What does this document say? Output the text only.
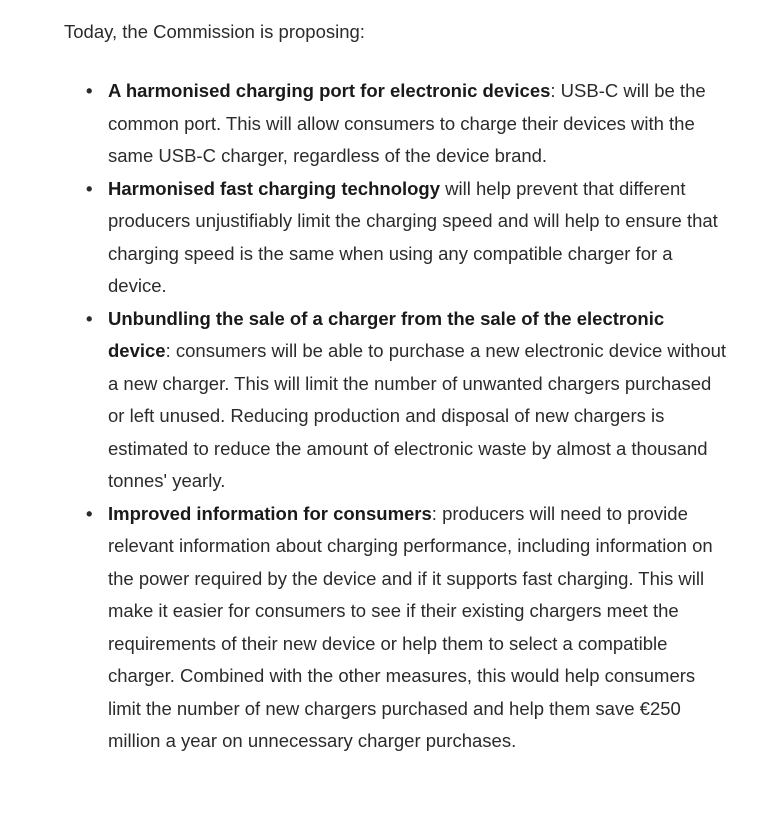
Today, the Commission is proposing:

• A harmonised charging port for electronic devices: USB-C will be the common port. This will allow consumers to charge their devices with the same USB-C charger, regardless of the device brand.
• Harmonised fast charging technology will help prevent that different producers unjustifiably limit the charging speed and will help to ensure that charging speed is the same when using any compatible charger for a device.
• Unbundling the sale of a charger from the sale of the electronic device: consumers will be able to purchase a new electronic device without a new charger. This will limit the number of unwanted chargers purchased or left unused. Reducing production and disposal of new chargers is estimated to reduce the amount of electronic waste by almost a thousand tonnes' yearly.
• Improved information for consumers: producers will need to provide relevant information about charging performance, including information on the power required by the device and if it supports fast charging. This will make it easier for consumers to see if their existing chargers meet the requirements of their new device or help them to select a compatible charger. Combined with the other measures, this would help consumers limit the number of new chargers purchased and help them save €250 million a year on unnecessary charger purchases.
